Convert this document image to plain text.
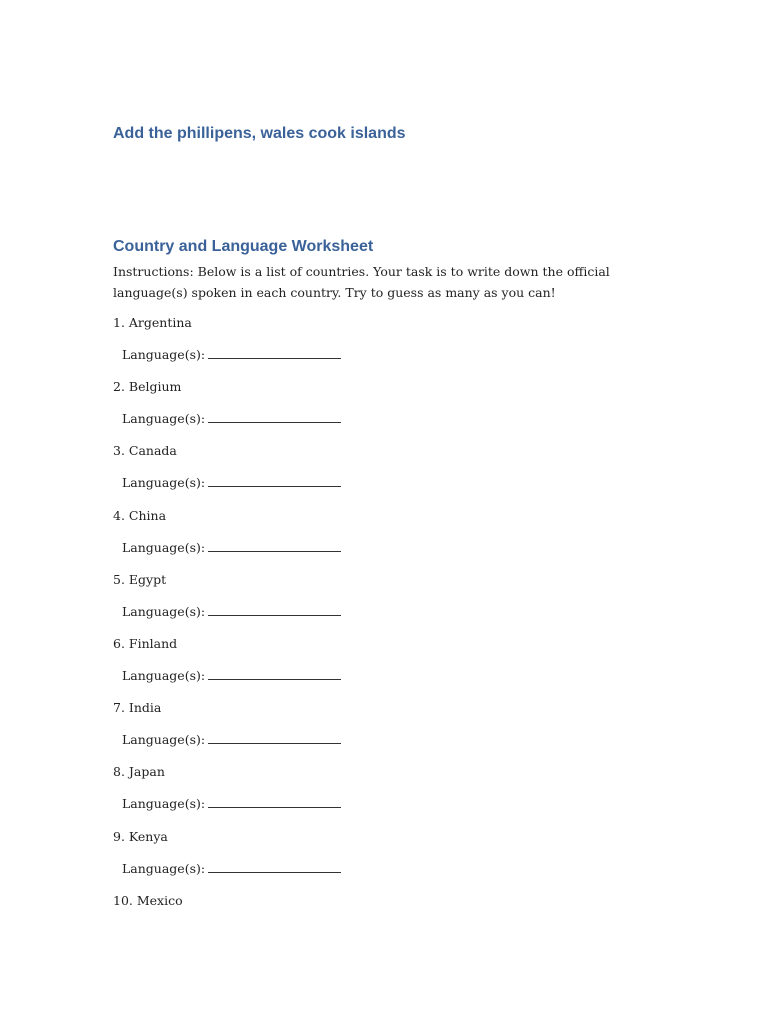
Add the phillipens, wales cook islands
Country and Language Worksheet
Instructions: Below is a list of countries. Your task is to write down the official language(s) spoken in each country. Try to guess as many as you can!
1. Argentina
Language(s):
2. Belgium
Language(s):
3. Canada
Language(s):
4. China
Language(s):
5. Egypt
Language(s):
6. Finland
Language(s):
7. India
Language(s):
8. Japan
Language(s):
9. Kenya
Language(s):
10. Mexico
